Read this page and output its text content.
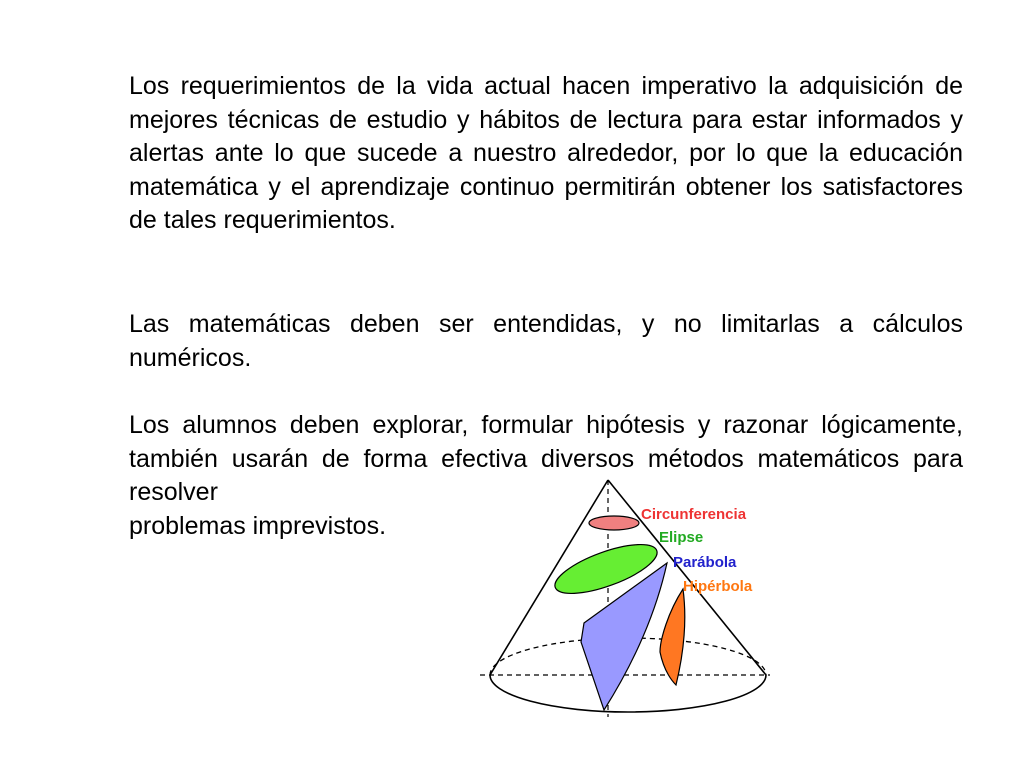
Los requerimientos de la vida actual hacen imperativo la adquisición de mejores técnicas de estudio y hábitos de lectura para estar informados y alertas ante lo que sucede a nuestro alrededor, por lo que la educación matemática y el aprendizaje continuo permitirán obtener los satisfactores de tales requerimientos.

Las matemáticas deben ser entendidas, y no limitarlas a cálculos numéricos.

Los alumnos deben explorar, formular hipótesis y razonar lógicamente, también usarán de forma efectiva diversos métodos matemáticos para resolver
problemas imprevistos.	Circunferencia
Elipse
Parábola
Hipérbola
